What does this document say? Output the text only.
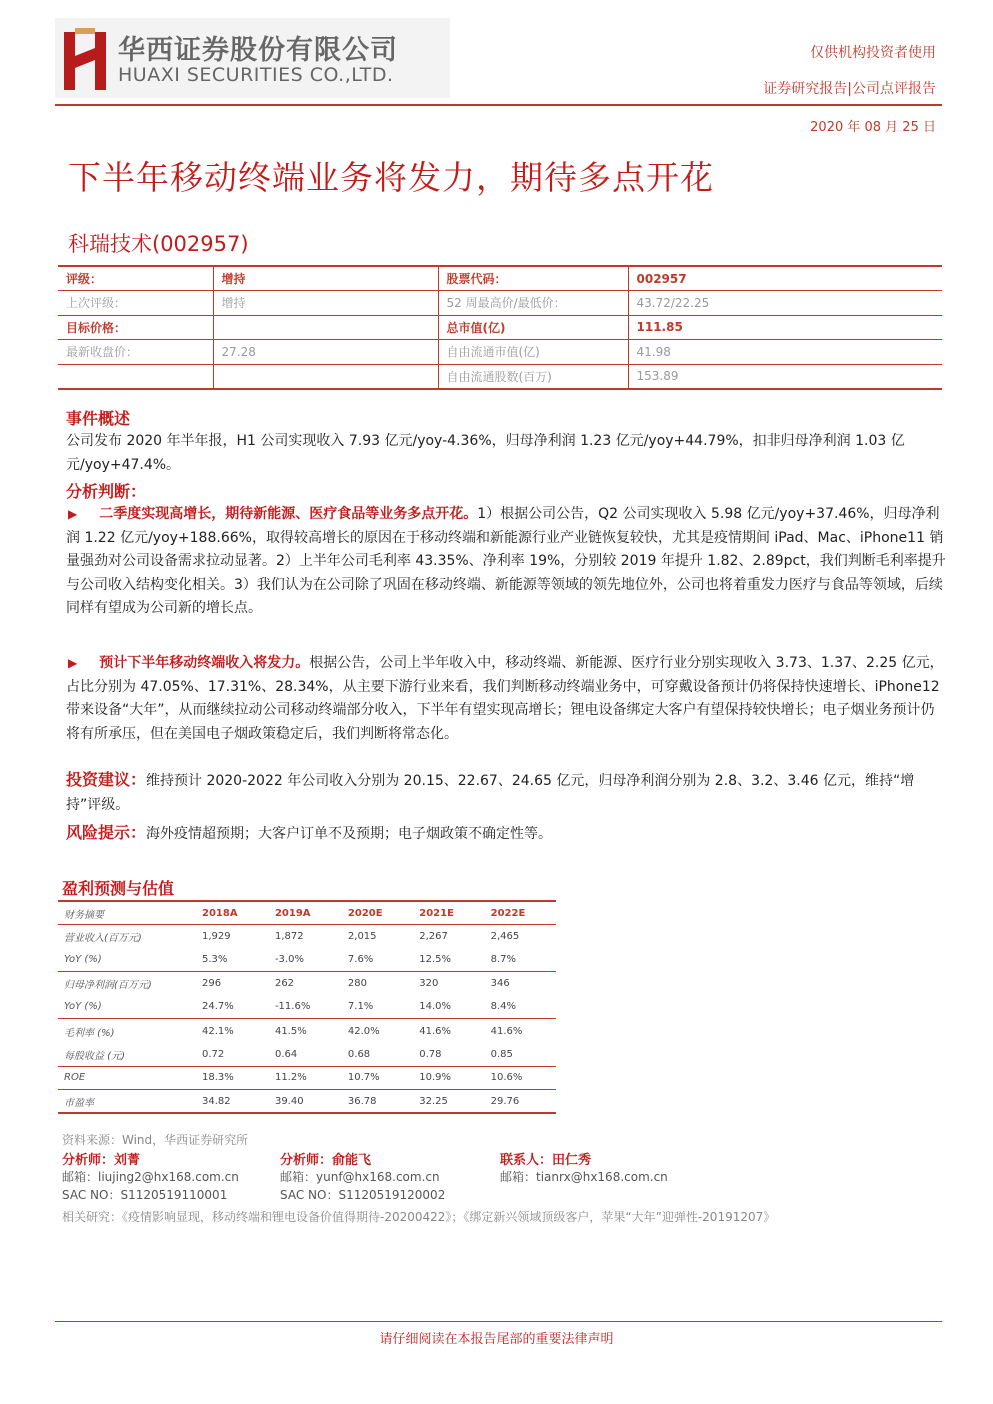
华西证券股份有限公司
HUAXI SECURITIES CO.,LTD.
仅供机构投资者使用
证券研究报告|公司点评报告
2020 年 08 月 25 日
下半年移动终端业务将发力，期待多点开花
科瑞技术(002957)
评级：	增持	股票代码：	002957
上次评级：	增持	52 周最高价/最低价：	43.72/22.25
目标价格：		总市值(亿)	111.85
最新收盘价：	27.28	自由流通市值(亿)	41.98
		自由流通股数(百万)	153.89
事件概述
公司发布 2020 年半年报，H1 公司实现收入 7.93 亿元/yoy-4.36%，归母净利润 1.23 亿元/yoy+44.79%，扣非归母净利润 1.03 亿元/yoy+47.4%。
分析判断：
▶ 二季度实现高增长，期待新能源、医疗食品等业务多点开花。1）根据公司公告，Q2 公司实现收入 5.98 亿元/yoy+37.46%，归母净利润 1.22 亿元/yoy+188.66%，取得较高增长的原因在于移动终端和新能源行业产业链恢复较快，尤其是疫情期间 iPad、Mac、iPhone11 销量强劲对公司设备需求拉动显著。2）上半年公司毛利率 43.35%、净利率 19%，分别较 2019 年提升 1.82、2.89pct，我们判断毛利率提升与公司收入结构变化相关。3）我们认为在公司除了巩固在移动终端、新能源等领域的领先地位外，公司也将着重发力医疗与食品等领域，后续同样有望成为公司新的增长点。
▶ 预计下半年移动终端收入将发力。根据公告，公司上半年收入中，移动终端、新能源、医疗行业分别实现收入 3.73、1.37、2.25 亿元，占比分别为 47.05%、17.31%、28.34%，从主要下游行业来看，我们判断移动终端业务中，可穿戴设备预计仍将保持快速增长、iPhone12 带来设备“大年”，从而继续拉动公司移动终端部分收入，下半年有望实现高增长；锂电设备绑定大客户有望保持较快增长；电子烟业务预计仍将有所承压，但在美国电子烟政策稳定后，我们判断将常态化。
投资建议：维持预计 2020-2022 年公司收入分别为 20.15、22.67、24.65 亿元，归母净利润分别为 2.8、3.2、3.46 亿元，维持“增持”评级。
风险提示：海外疫情超预期；大客户订单不及预期；电子烟政策不确定性等。
盈利预测与估值
财务摘要	2018A	2019A	2020E	2021E	2022E
营业收入(百万元)	1,929	1,872	2,015	2,267	2,465
YoY (%)	5.3%	-3.0%	7.6%	12.5%	8.7%
归母净利润(百万元)	296	262	280	320	346
YoY (%)	24.7%	-11.6%	7.1%	14.0%	8.4%
毛利率 (%)	42.1%	41.5%	42.0%	41.6%	41.6%
每股收益 (元)	0.72	0.64	0.68	0.78	0.85
ROE	18.3%	11.2%	10.7%	10.9%	10.6%
市盈率	34.82	39.40	36.78	32.25	29.76
资料来源：Wind，华西证券研究所
分析师：刘菁
邮箱：liujing2@hx168.com.cn
SAC NO：S1120519110001
分析师：俞能飞
邮箱：yunf@hx168.com.cn
SAC NO：S1120519120002
联系人：田仁秀
邮箱：tianrx@hx168.com.cn
相关研究：《疫情影响显现，移动终端和锂电设备价值得期待-20200422》；《绑定新兴领域顶级客户，苹果“大年”迎弹性-20191207》
请仔细阅读在本报告尾部的重要法律声明
